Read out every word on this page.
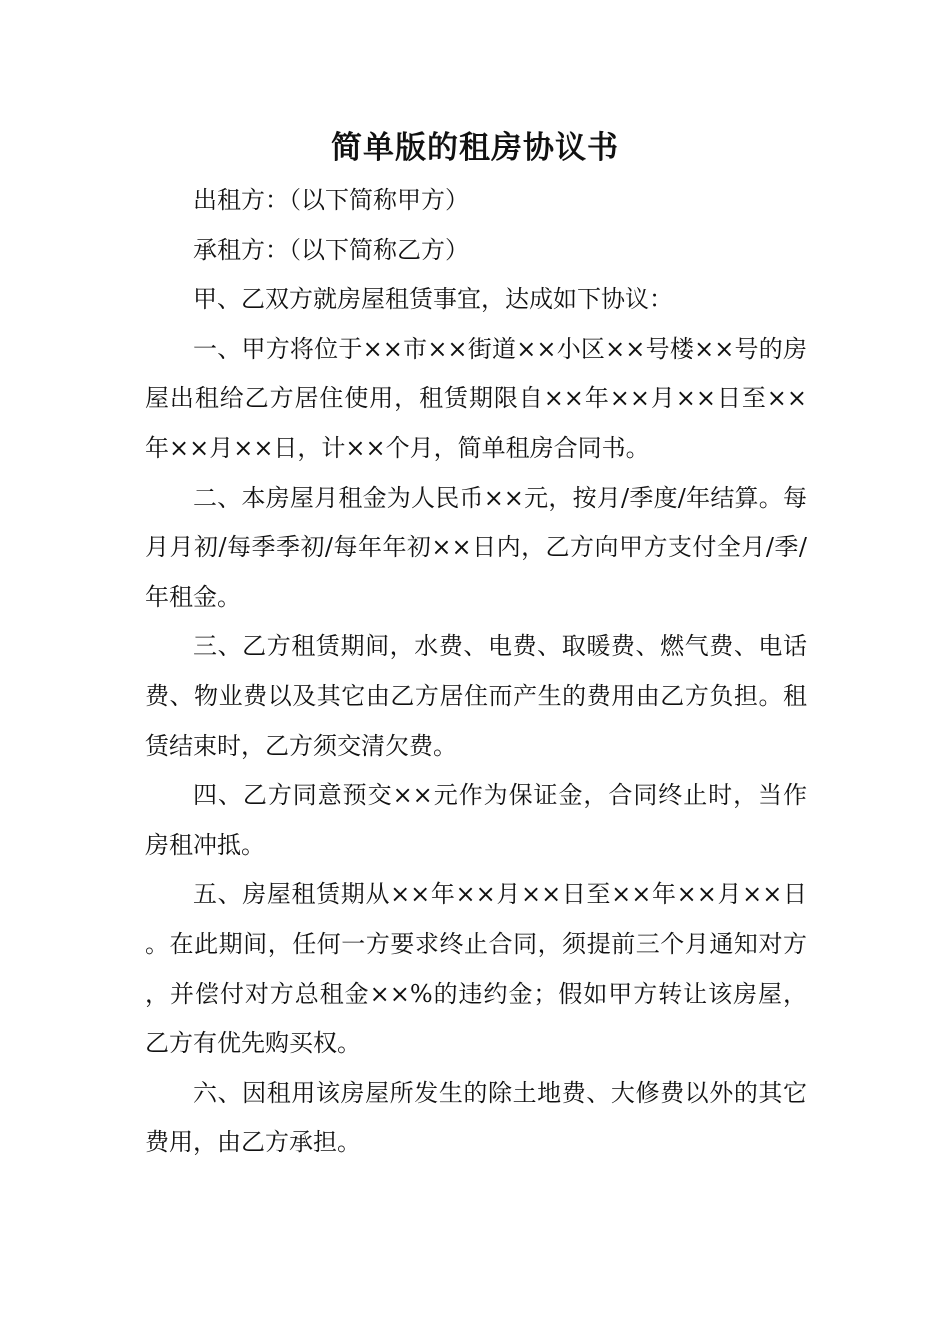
简单版的租房协议书

出租方：（以下简称甲方）

承租方：（以下简称乙方）

甲、乙双方就房屋租赁事宜，达成如下协议：

一、甲方将位于××市××街道××小区××号楼××号的房屋出租给乙方居住使用，租赁期限自××年××月××日至××年××月××日，计××个月，简单租房合同书。

二、本房屋月租金为人民币××元，按月/季度/年结算。每月月初/每季季初/每年年初××日内，乙方向甲方支付全月/季/年租金。

三、乙方租赁期间，水费、电费、取暖费、燃气费、电话费、物业费以及其它由乙方居住而产生的费用由乙方负担。租赁结束时，乙方须交清欠费。

四、乙方同意预交××元作为保证金，合同终止时，当作房租冲抵。

五、房屋租赁期从××年××月××日至××年××月××日。在此期间，任何一方要求终止合同，须提前三个月通知对方，并偿付对方总租金××%的违约金；假如甲方转让该房屋，乙方有优先购买权。

六、因租用该房屋所发生的除土地费、大修费以外的其它费用，由乙方承担。
